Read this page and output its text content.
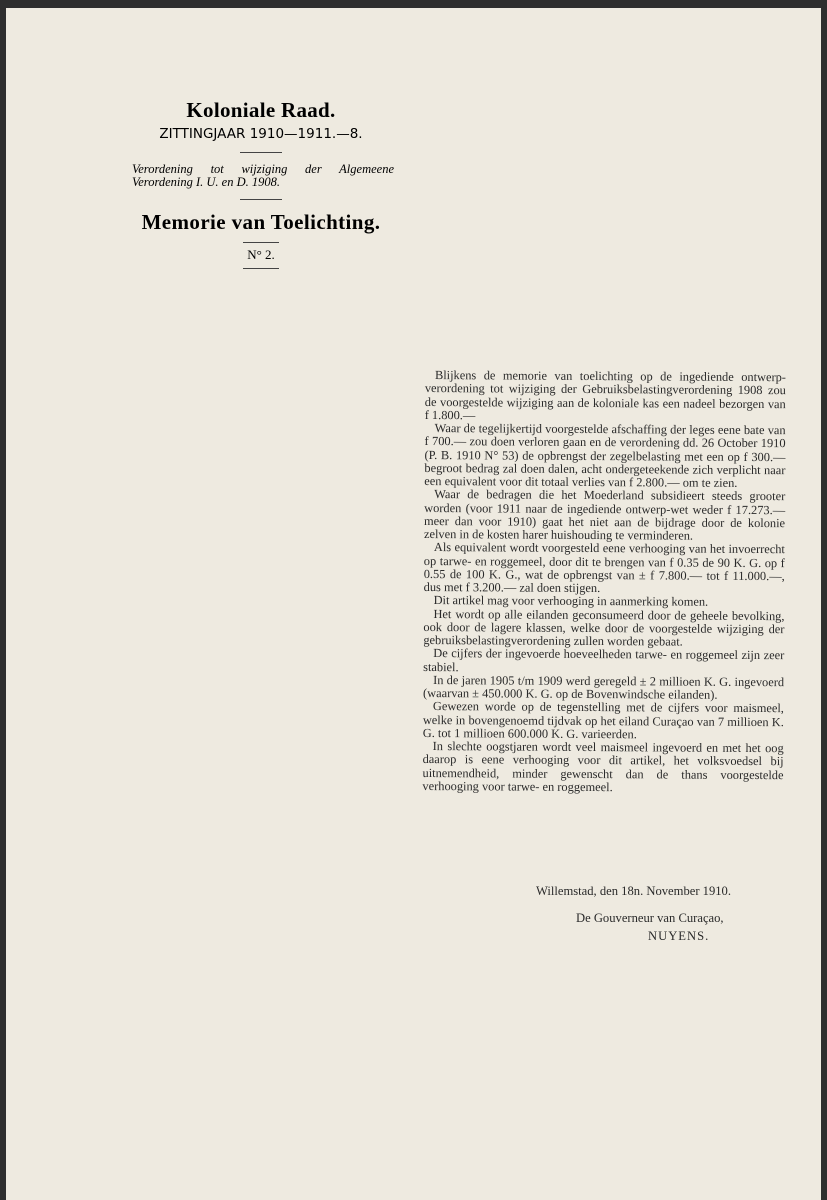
Koloniale Raad.
ZITTINGJAAR 1910—1911.—8.
Verordening tot wijziging der Algemeene Verordening I. U. en D. 1908.
Memorie van Toelichting.
N° 2.

Blijkens de memorie van toelichting op de ingediende ontwerp-verordening tot wijziging der Gebruiksbelastingverordening 1908 zou de voorgestelde wijziging aan de koloniale kas een nadeel bezorgen van f 1.800.—

Waar de tegelijkertijd voorgestelde afschaffing der leges eene bate van f 700.— zou doen verloren gaan en de verordening dd. 26 October 1910 (P. B. 1910 N° 53) de opbrengst der zegelbelasting met een op f 300.— begroot bedrag zal doen dalen, acht ondergeteekende zich verplicht naar een equivalent voor dit totaal verlies van f 2.800.— om te zien.

Waar de bedragen die het Moederland subsidieert steeds grooter worden (voor 1911 naar de ingediende ontwerp-wet weder f 17.273.— meer dan voor 1910) gaat het niet aan de bijdrage door de kolonie zelven in de kosten harer huishouding te verminderen.

Als equivalent wordt voorgesteld eene verhooging van het invoerrecht op tarwe- en roggemeel, door dit te brengen van f 0.35 de 90 K. G. op f 0.55 de 100 K. G., wat de opbrengst van ± f 7.800.— tot f 11.000.—, dus met f 3.200.— zal doen stijgen.

Dit artikel mag voor verhooging in aanmerking komen.

Het wordt op alle eilanden geconsumeerd door de geheele bevolking, ook door de lagere klassen, welke door de voorgestelde wijziging der gebruiksbelastingverordening zullen worden gebaat.

De cijfers der ingevoerde hoeveelheden tarwe- en roggemeel zijn zeer stabiel.

In de jaren 1905 t/m 1909 werd geregeld ± 2 millioen K. G. ingevoerd (waarvan ± 450.000 K. G. op de Bovenwindsche eilanden).

Gewezen worde op de tegenstelling met de cijfers voor maismeel, welke in bovengenoemd tijdvak op het eiland Curaçao van 7 millioen K. G. tot 1 millioen 600.000 K. G. varieerden.

In slechte oogstjaren wordt veel maismeel ingevoerd en met het oog daarop is eene verhooging voor dit artikel, het volksvoedsel bij uitnemendheid, minder gewenscht dan de thans voorgestelde verhooging voor tarwe- en roggemeel.

Willemstad, den 18n. November 1910.
De Gouverneur van Curaçao,
NUYENS.
